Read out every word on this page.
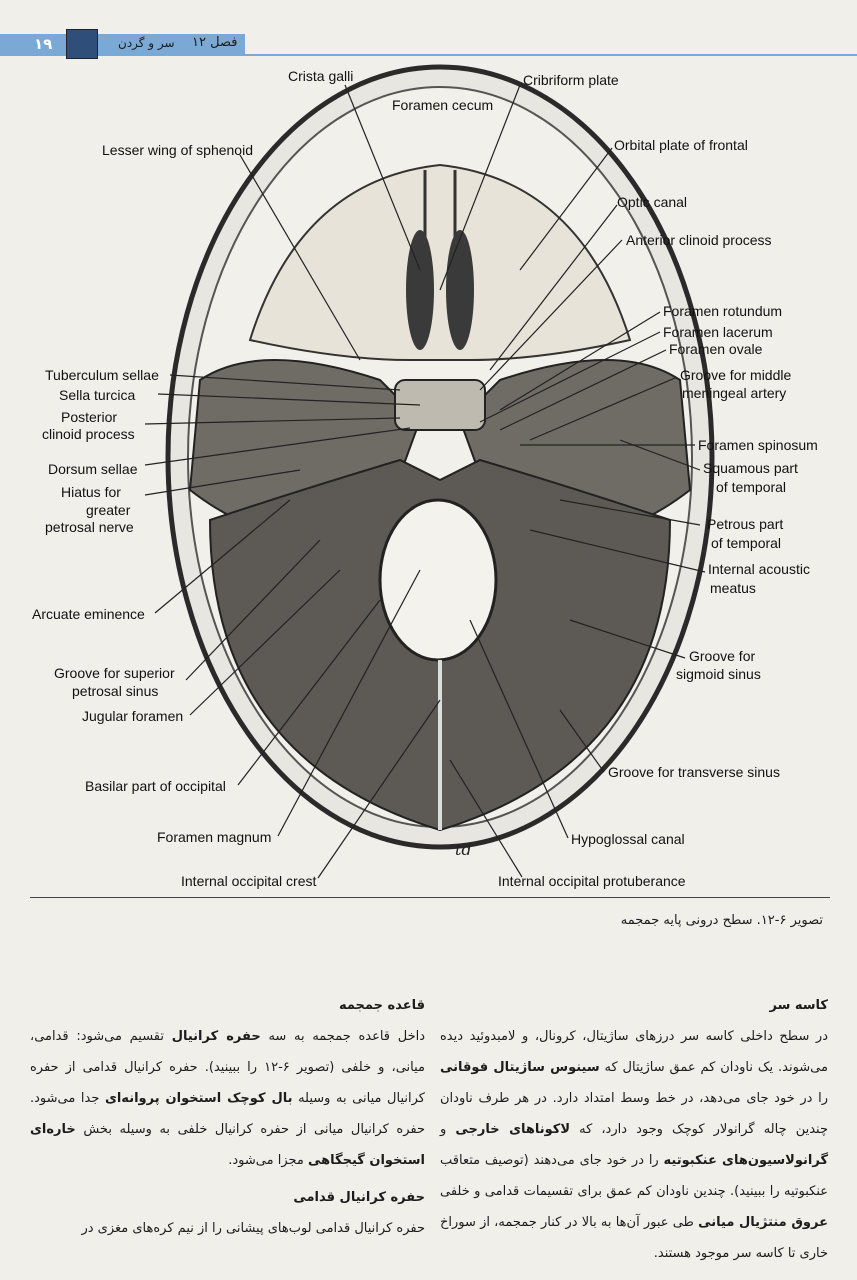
١٩	سر و گردن فصل ١٢
td
Crista galli
Foramen cecum
Cribriform plate
Lesser wing of sphenoid
Tuberculum sellae
Sella turcica
Posterior
clinoid process
Dorsum sellae
Hiatus for
greater
petrosal nerve
Arcuate eminence
Groove for superior
petrosal sinus
Jugular foramen
Basilar part of occipital
Foramen magnum
Internal occipital crest
Orbital plate of frontal
Optic canal
Anterior clinoid process
Foramen rotundum
Foramen lacerum
Foramen ovale
Groove for middle
meningeal artery
Foramen spinosum
Squamous part
of temporal
Petrous part
of temporal
Internal acoustic
meatus
Groove for
sigmoid sinus
Groove for transverse sinus
Hypoglossal canal
Internal occipital protuberance
تصویر ۶-۱۲. سطح درونی پایه جمجمه
قاعده جمجمه

داخل قاعده جمجمه به سه حفره کرانیال تقسیم می‌شود: قدامی، میانی، و خلفی (تصویر ۶-۱۲ را ببینید). حفره کرانیال قدامی از حفره کرانیال میانی به وسیله بال کوچک استخوان پروانه‌ای جدا می‌شود. حفره کرانیال میانی از حفره کرانیال خلفی به وسیله بخش خاره‌ای استخوان گیجگاهی مجزا می‌شود.

حفره کرانیال قدامی

حفره کرانیال قدامی لوب‌های پیشانی را از نیم کره‌های مغزی در

کاسه سر

در سطح داخلی کاسه سر درزهای ساژیتال، کرونال، و لامبدوئید دیده می‌شوند. یک ناودان کم عمق ساژیتال که سینوس ساژیتال فوقانی را در خود جای می‌دهد، در خط وسط امتداد دارد. در هر طرف ناودان چندین چاله گرانولار کوچک وجود دارد، که لاکوناهای خارجی و گرانولاسیون‌های عنکبوتیه را در خود جای می‌دهند (توصیف متعاقب عنکبوتیه را ببینید). چندین ناودان کم عمق برای تقسیمات قدامی و خلفی عروق منتژیال میانی طی عبور آن‌ها به بالا در کنار جمجمه، از سوراخ خاری تا کاسه سر موجود هستند.
